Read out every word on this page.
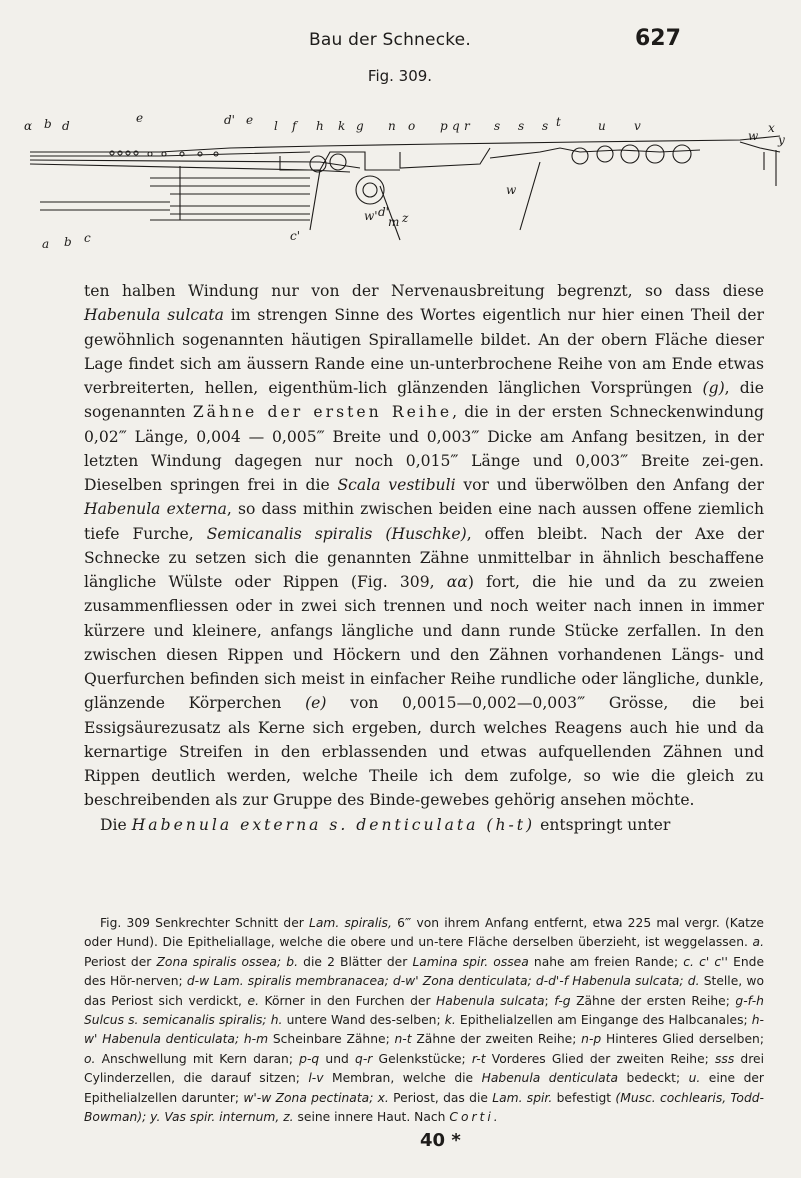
Bau der Schnecke.	627
Fig. 309.
α b d
e	d' e l f h k g n o p q r s s s t	u v
w
x
y
a b c	c'
w' d'
m z
w

ten halben Windung nur von der Nervenausbreitung begrenzt, so dass diese Habenula sulcata im strengen Sinne des Wortes eigentlich nur hier einen Theil der gewöhnlich sogenannten häutigen Spirallamelle bildet. An der obern Fläche dieser Lage findet sich am äussern Rande eine un-unterbrochene Reihe von am Ende etwas verbreiterten, hellen, eigenthüm-lich glänzenden länglichen Vorsprüngen (g), die sogenannten Zähne der ersten Reihe, die in der ersten Schneckenwindung 0,02‴ Länge, 0,004 — 0,005‴ Breite und 0,003‴ Dicke am Anfang besitzen, in der letzten Windung dagegen nur noch 0,015‴ Länge und 0,003‴ Breite zei-gen. Dieselben springen frei in die Scala vestibuli vor und überwölben den Anfang der Habenula externa, so dass mithin zwischen beiden eine nach aussen offene ziemlich tiefe Furche, Semicanalis spiralis (Huschke), offen bleibt. Nach der Axe der Schnecke zu setzen sich die genannten Zähne unmittelbar in ähnlich beschaffene längliche Wülste oder Rippen (Fig. 309, αα) fort, die hie und da zu zweien zusammenfliessen oder in zwei sich trennen und noch weiter nach innen in immer kürzere und kleinere, anfangs längliche und dann runde Stücke zerfallen. In den zwischen diesen Rippen und Höckern und den Zähnen vorhandenen Längs- und Querfurchen befinden sich meist in einfacher Reihe rundliche oder längliche, dunkle, glänzende Körperchen (e) von 0,0015—0,002—0,003‴ Grösse, die bei Essigsäurezusatz als Kerne sich ergeben, durch welches Reagens auch hie und da kernartige Streifen in den erblassenden und etwas aufquellenden Zähnen und Rippen deutlich werden, welche Theile ich dem zufolge, so wie die gleich zu beschreibenden als zur Gruppe des Binde-gewebes gehörig ansehen möchte.

Die Habenula externa s. denticulata (h-t) entspringt unter

Fig. 309 Senkrechter Schnitt der Lam. spiralis, 6‴ von ihrem Anfang entfernt, etwa 225 mal vergr. (Katze oder Hund). Die Epitheliallage, welche die obere und un-tere Fläche derselben überzieht, ist weggelassen. a. Periost der Zona spiralis ossea; b. die 2 Blätter der Lamina spir. ossea nahe am freien Rande; c. c' c'' Ende des Hör-nerven; d-w Lam. spiralis membranacea; d-w' Zona denticulata; d-d'-f Habenula sulcata; d. Stelle, wo das Periost sich verdickt, e. Körner in den Furchen der Habenula sulcata; f-g Zähne der ersten Reihe; g-f-h Sulcus s. semicanalis spiralis; h. untere Wand des-selben; k. Epithelialzellen am Eingange des Halbcanales; h-w' Habenula denticulata; h-m Scheinbare Zähne; n-t Zähne der zweiten Reihe; n-p Hinteres Glied derselben; o. Anschwellung mit Kern daran; p-q und q-r Gelenkstücke; r-t Vorderes Glied der zweiten Reihe; sss drei Cylinderzellen, die darauf sitzen; l-v Membran, welche die Habenula denticulata bedeckt; u. eine der Epithelialzellen darunter; w'-w Zona pectinata; x. Periost, das die Lam. spir. befestigt (Musc. cochlearis, Todd-Bowman); y. Vas spir. internum, z. seine innere Haut. Nach Corti.

40 *
